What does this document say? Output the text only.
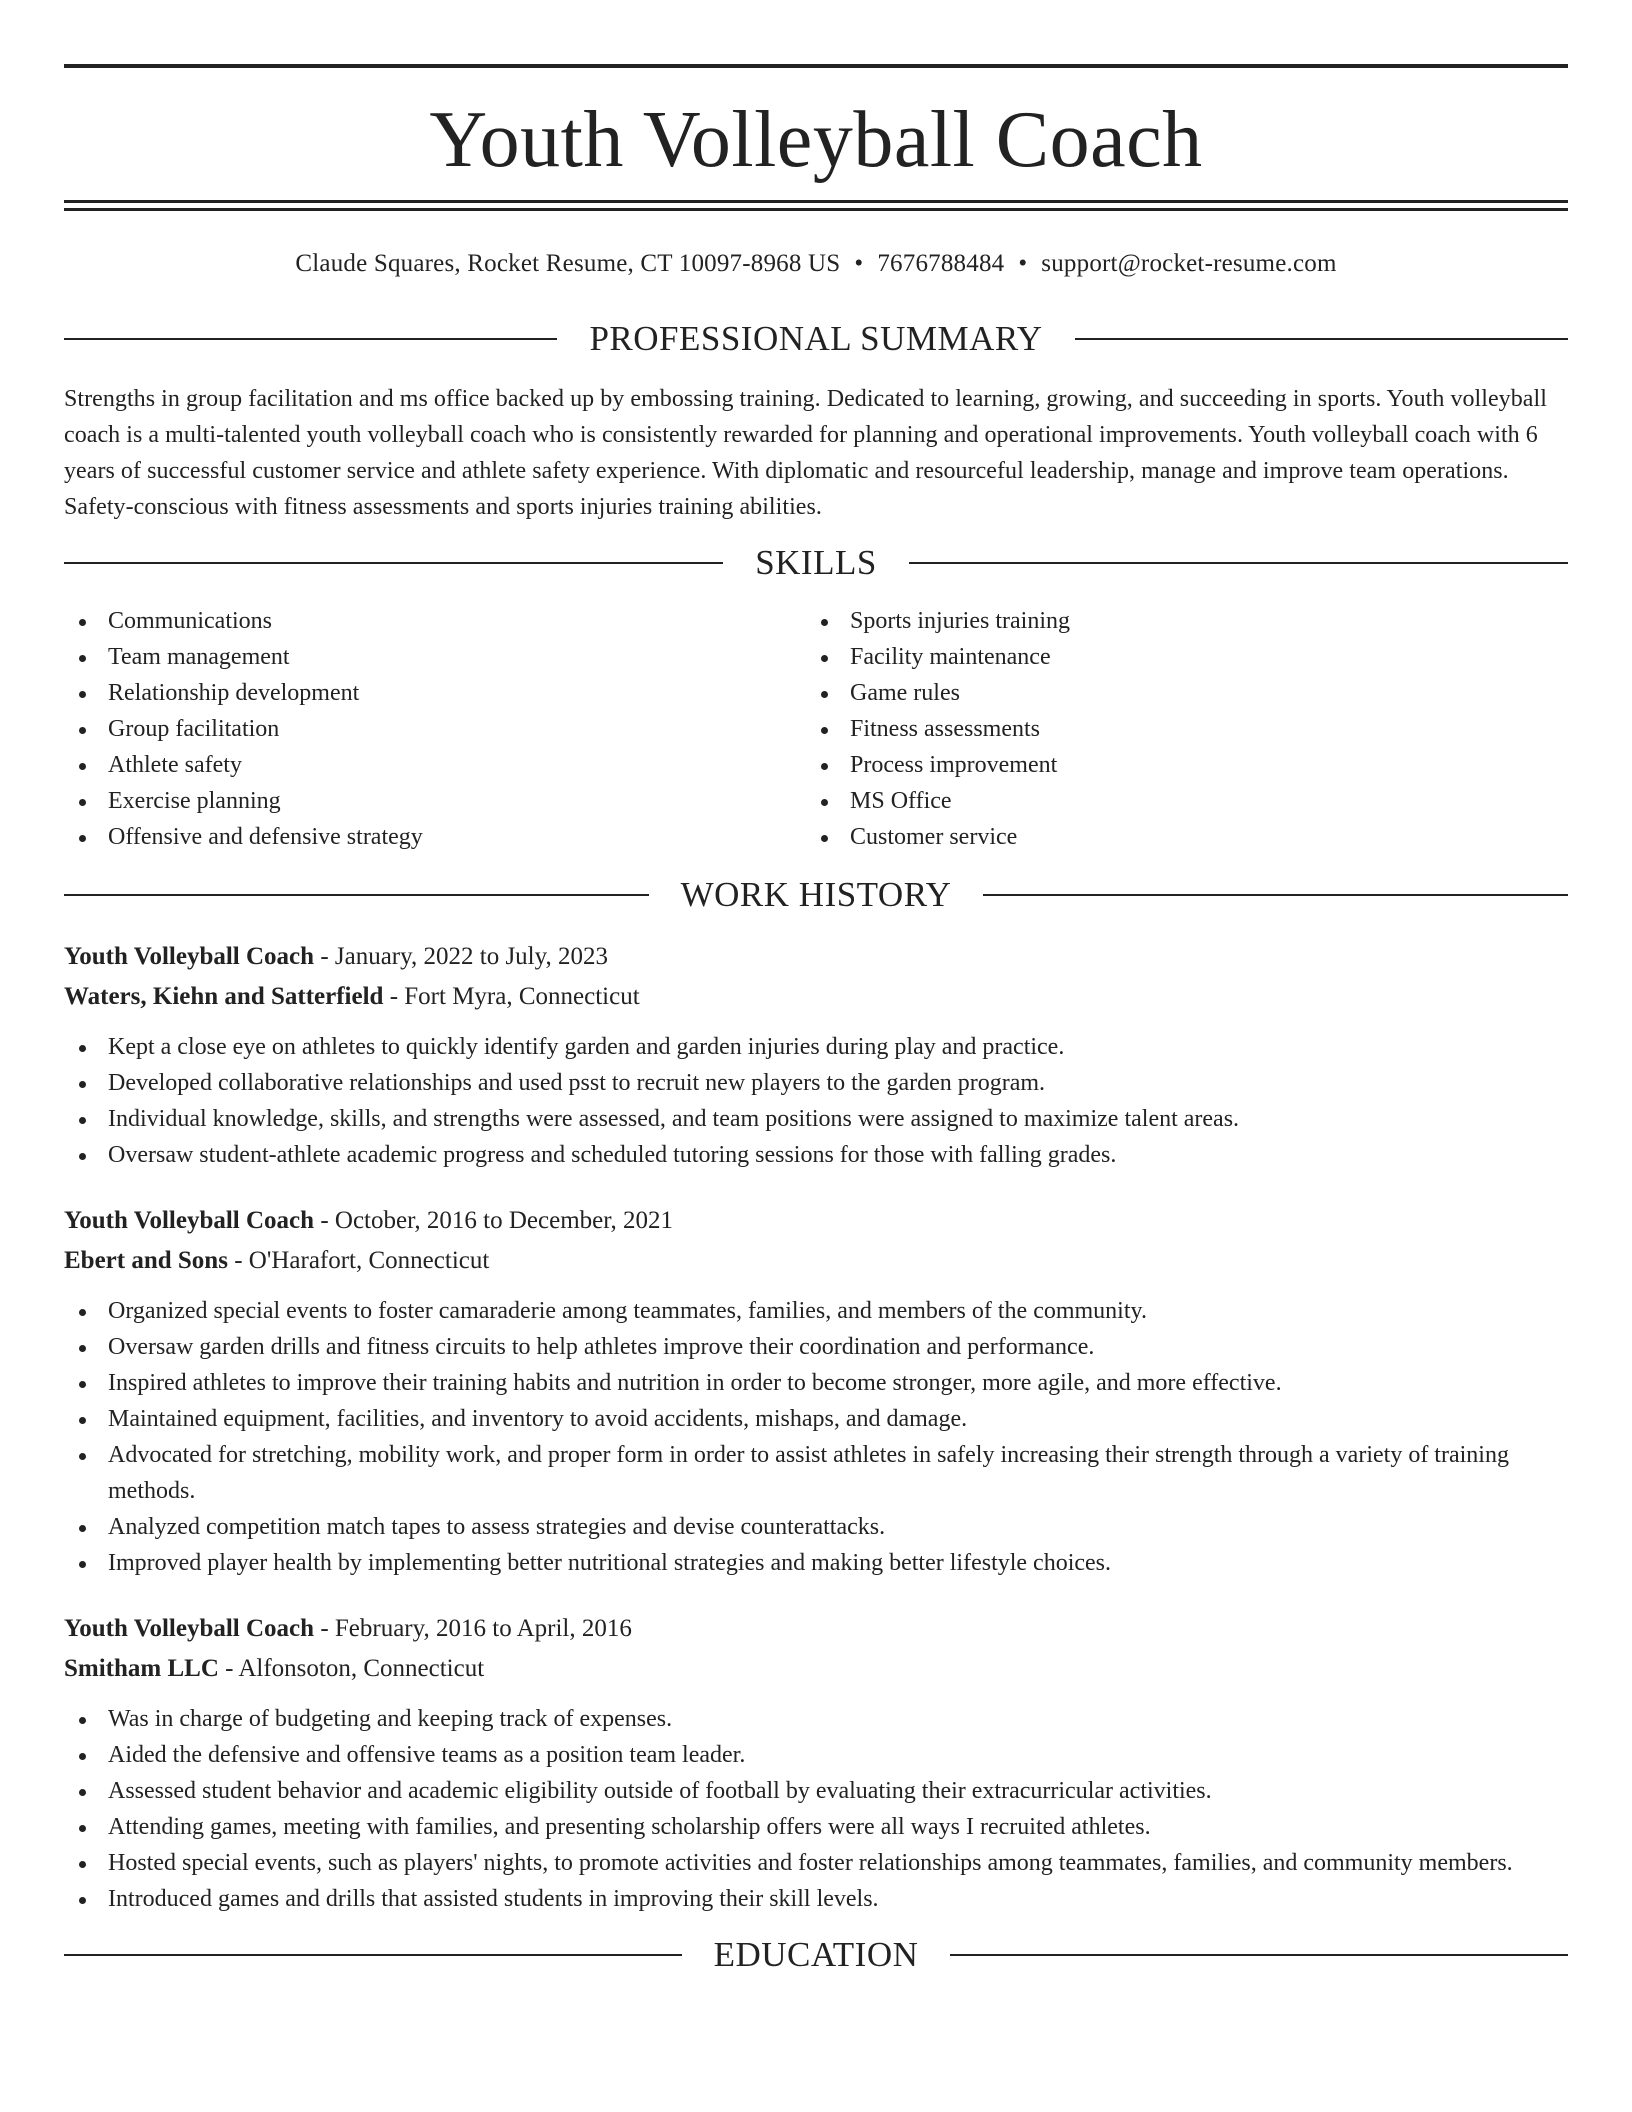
Youth Volleyball Coach
Claude Squares, Rocket Resume, CT 10097-8968 US • 7676788484 • support@rocket-resume.com
PROFESSIONAL SUMMARY

Strengths in group facilitation and ms office backed up by embossing training. Dedicated to learning, growing, and succeeding in sports. Youth volleyball coach is a multi-talented youth volleyball coach who is consistently rewarded for planning and operational improvements. Youth volleyball coach with 6 years of successful customer service and athlete safety experience. With diplomatic and resourceful leadership, manage and improve team operations. Safety-conscious with fitness assessments and sports injuries training abilities.

SKILLS
Communications
Team management
Relationship development
Group facilitation
Athlete safety
Exercise planning
Offensive and defensive strategy
Sports injuries training
Facility maintenance
Game rules
Fitness assessments
Process improvement
MS Office
Customer service
WORK HISTORY
Youth Volleyball Coach - January, 2022 to July, 2023
Waters, Kiehn and Satterfield - Fort Myra, Connecticut
Kept a close eye on athletes to quickly identify garden and garden injuries during play and practice.
Developed collaborative relationships and used psst to recruit new players to the garden program.
Individual knowledge, skills, and strengths were assessed, and team positions were assigned to maximize talent areas.
Oversaw student-athlete academic progress and scheduled tutoring sessions for those with falling grades.
Youth Volleyball Coach - October, 2016 to December, 2021
Ebert and Sons - O'Harafort, Connecticut
Organized special events to foster camaraderie among teammates, families, and members of the community.
Oversaw garden drills and fitness circuits to help athletes improve their coordination and performance.
Inspired athletes to improve their training habits and nutrition in order to become stronger, more agile, and more effective.
Maintained equipment, facilities, and inventory to avoid accidents, mishaps, and damage.
Advocated for stretching, mobility work, and proper form in order to assist athletes in safely increasing their strength through a variety of training methods.
Analyzed competition match tapes to assess strategies and devise counterattacks.
Improved player health by implementing better nutritional strategies and making better lifestyle choices.
Youth Volleyball Coach - February, 2016 to April, 2016
Smitham LLC - Alfonsoton, Connecticut
Was in charge of budgeting and keeping track of expenses.
Aided the defensive and offensive teams as a position team leader.
Assessed student behavior and academic eligibility outside of football by evaluating their extracurricular activities.
Attending games, meeting with families, and presenting scholarship offers were all ways I recruited athletes.
Hosted special events, such as players' nights, to promote activities and foster relationships among teammates, families, and community members.
Introduced games and drills that assisted students in improving their skill levels.
EDUCATION
